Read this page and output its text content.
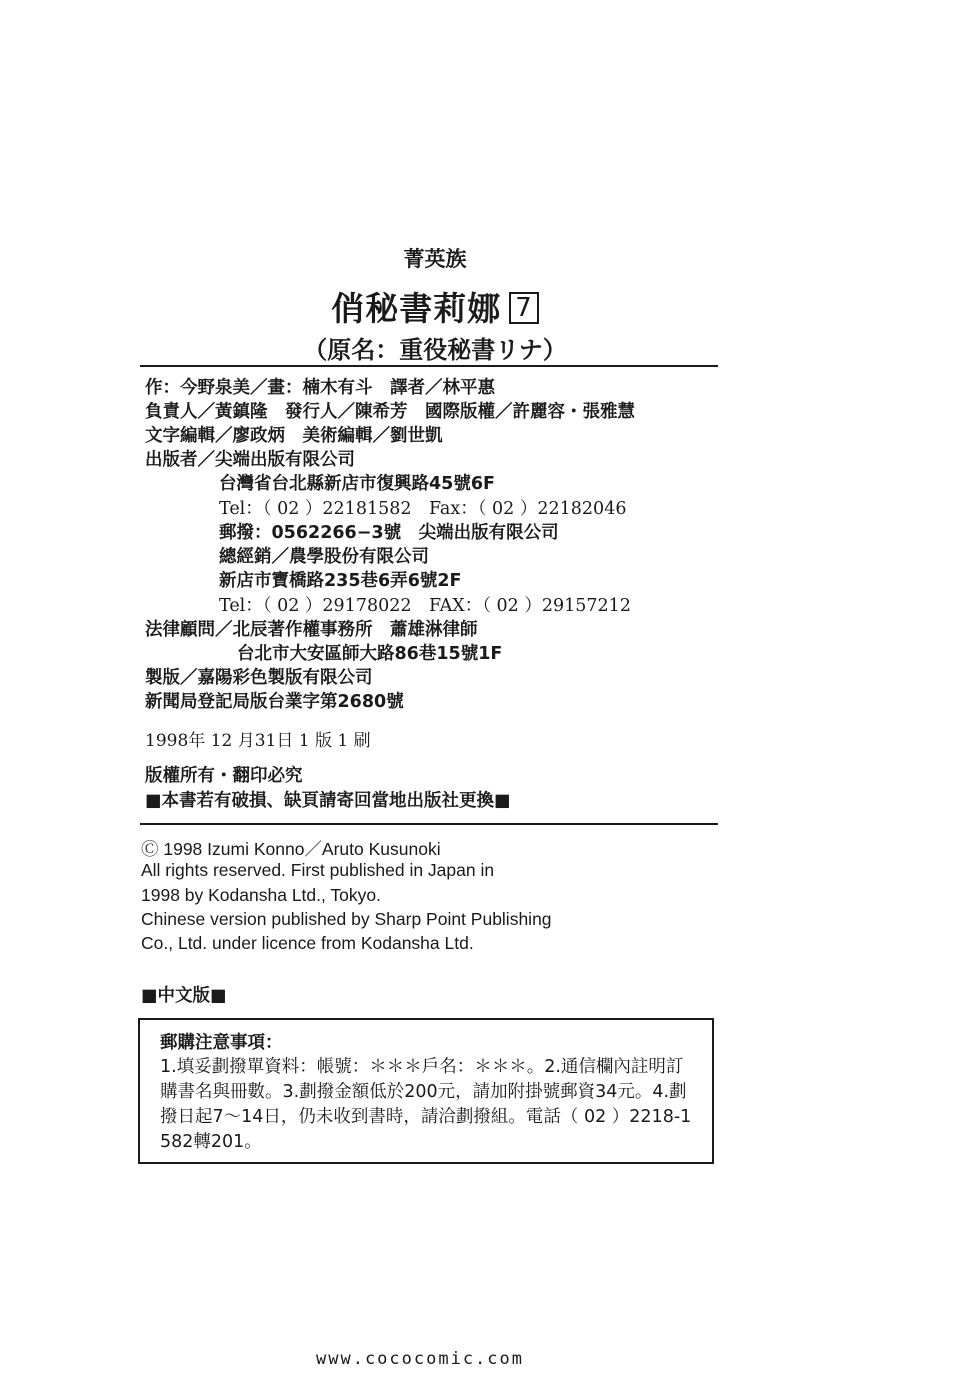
菁英族
俏秘書莉娜 7
（原名：重役秘書リナ）
作：今野泉美／畫：楠木有斗　譯者／林平惠
負責人／黃鎮隆　發行人／陳希芳　國際版權／許麗容・張雅慧
文字編輯／廖政炳　美術編輯／劉世凱
出版者／尖端出版有限公司
台灣省台北縣新店市復興路45號6F
Tel：（ 02 ）22181582　Fax：（ 02 ）22182046
郵撥：0562266−3號　尖端出版有限公司
總經銷／農學股份有限公司
新店市寶橋路235巷6弄6號2F
Tel：（ 02 ）29178022　FAX：（ 02 ）29157212
法律顧問／北辰著作權事務所　蕭雄淋律師
台北市大安區師大路86巷15號1F
製版／嘉陽彩色製版有限公司
新聞局登記局版台業字第2680號
1998年 12 月31日 1 版 1 刷
版權所有・翻印必究
■本書若有破損、缺頁請寄回當地出版社更換■
Ⓒ 1998 Izumi Konno／Aruto Kusunoki
All rights reserved. First published in Japan in
1998 by Kodansha Ltd., Tokyo.
Chinese version published by Sharp Point Publishing
Co., Ltd. under licence from Kodansha Ltd.
■中文版■
郵購注意事項：
1.填妥劃撥單資料：帳號：＊＊＊戶名：＊＊＊。2.通信欄內註明訂購書名與冊數。3.劃撥金額低於200元，請加附掛號郵資34元。4.劃撥日起7～14日，仍未收到書時，請洽劃撥組。電話（ 02 ）2218-1582轉201。
www.cococomic.com
